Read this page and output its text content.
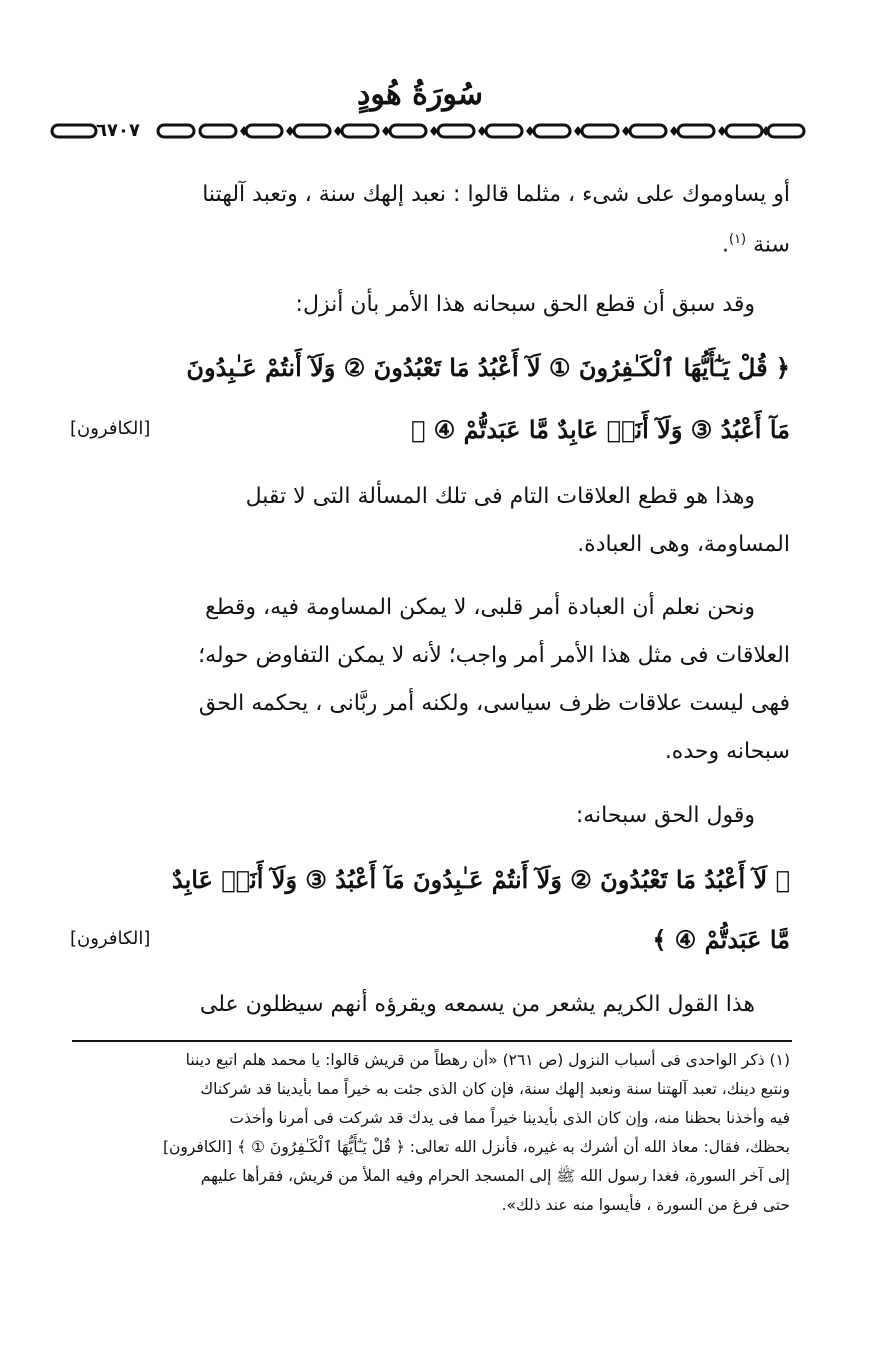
سُورَةُ هُودٍ
٦٧٠٧
أو يساوموك على شىء ، مثلما قالوا : نعبد إلهك سنة ، وتعبد آلهتنا
سنة $^{(١)}$.
وقد سبق أن قطع الحق سبحانه هذا الأمر بأن أنزل:
﴿ قُلْ يَـٰٓأَيُّهَا ٱلْكَـٰفِرُونَ ① لَآ أَعْبُدُ مَا تَعْبُدُونَ ② وَلَآ أَنتُمْ عَـٰبِدُونَ
مَآ أَعْبُدُ ③ وَلَآ أَنَا۠ عَابِدٌ مَّا عَبَدتُّمْ ④ ﴾
[الكافرون]
وهذا هو قطع العلاقات التام فى تلك المسألة التى لا تقبل
المساومة، وهى العبادة.
ونحن نعلم أن العبادة أمر قلبى، لا يمكن المساومة فيه، وقطع
العلاقات فى مثل هذا الأمر أمر واجب؛ لأنه لا يمكن التفاوض حوله؛
فهى ليست علاقات ظرف سياسى، ولكنه أمر ربَّانى ، يحكمه الحق
سبحانه وحده.
وقول الحق سبحانه:
﴿ لَآ أَعْبُدُ مَا تَعْبُدُونَ ② وَلَآ أَنتُمْ عَـٰبِدُونَ مَآ أَعْبُدُ ③ وَلَآ أَنَا۠ عَابِدٌ
مَّا عَبَدتُّمْ ④ ﴾
[الكافرون]
هذا القول الكريم يشعر من يسمعه ويقرؤه أنهم سيظلون على
(١) ذكر الواحدى فى أسباب النزول (ص ٢٦١) «أن رهطاً من قريش قالوا: يا محمد هلم اتبع ديننا
ونتبع دينك، تعبد آلهتنا سنة ونعبد إلهك سنة، فإن كان الذى جئت به خيراً مما بأيدينا قد شركناك
فيه وأخذنا بحظنا منه، وإن كان الذى بأيدينا خيراً مما فى يدك قد شركت فى أمرنا وأخذت
بحظك، فقال: معاذ الله أن أشرك به غيره، فأنزل الله تعالى: ﴿ قُلْ يَـٰٓأَيُّهَا ٱلْكَـٰفِرُونَ ① ﴾ [الكافرون]
إلى آخر السورة، فغدا رسول الله ﷺ إلى المسجد الحرام وفيه الملأ من قريش، فقرأها عليهم
حتى فرغ من السورة ، فأيسوا منه عند ذلك».
